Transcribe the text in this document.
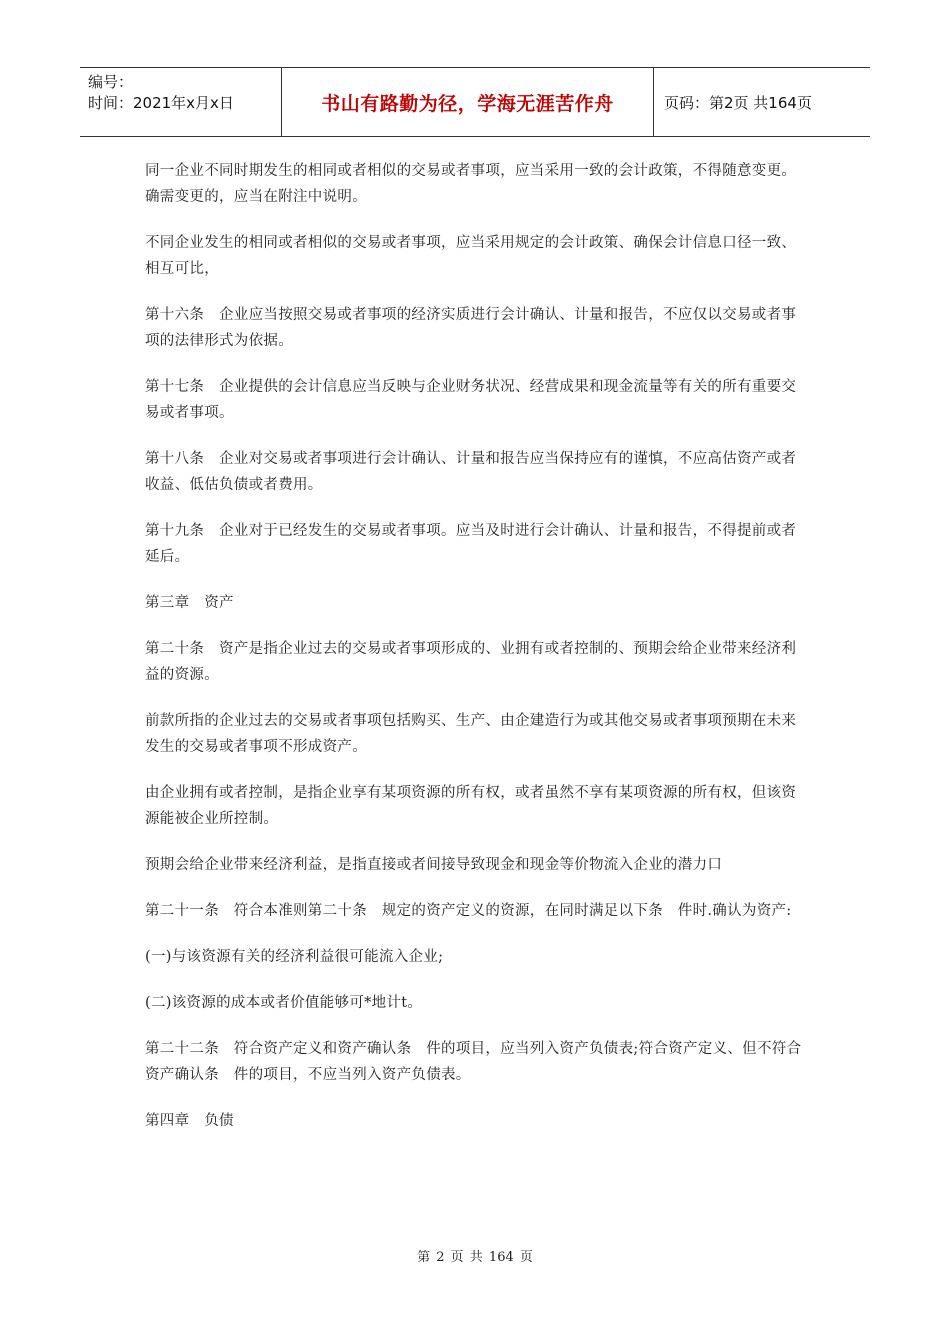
编号：
时间：2021年x月x日	书山有路勤为径，学海无涯苦作舟	页码：第2页 共164页

同一企业不同时期发生的相同或者相似的交易或者事项，应当采用一致的会计政策，不得随意变更。确需变更的，应当在附注中说明。

不同企业发生的相同或者相似的交易或者事项，应当采用规定的会计政策、确保会计信息口径一致、相互可比，

第十六条　企业应当按照交易或者事项的经济实质进行会计确认、计量和报告，不应仅以交易或者事项的法律形式为依据。

第十七条　企业提供的会计信息应当反映与企业财务状况、经营成果和现金流量等有关的所有重要交易或者事项。

第十八条　企业对交易或者事项进行会计确认、计量和报告应当保持应有的谨慎，不应高估资产或者收益、低估负债或者费用。

第十九条　企业对于已经发生的交易或者事项。应当及时进行会计确认、计量和报告，不得提前或者延后。

第三章　资产

第二十条　资产是指企业过去的交易或者事项形成的、业拥有或者控制的、预期会给企业带来经济利益的资源。

前款所指的企业过去的交易或者事项包括购买、生产、由企建造行为或其他交易或者事项预期在未来发生的交易或者事项不形成资产。

由企业拥有或者控制，是指企业享有某项资源的所有权，或者虽然不享有某项资源的所有权，但该资源能被企业所控制。

预期会给企业带来经济利益，是指直接或者间接导致现金和现金等价物流入企业的潜力口

第二十一条　符合本准则第二十条　规定的资产定义的资源，在同时满足以下条　件时.确认为资产:

(一)与该资源有关的经济利益很可能流入企业;

(二)该资源的成本或者价值能够可*地计t。

第二十二条　符合资产定义和资产确认条　件的项目，应当列入资产负债表;符合资产定义、但不符合资产确认条　件的项目，不应当列入资产负债表。

第四章　负债

第 2 页 共 164 页
